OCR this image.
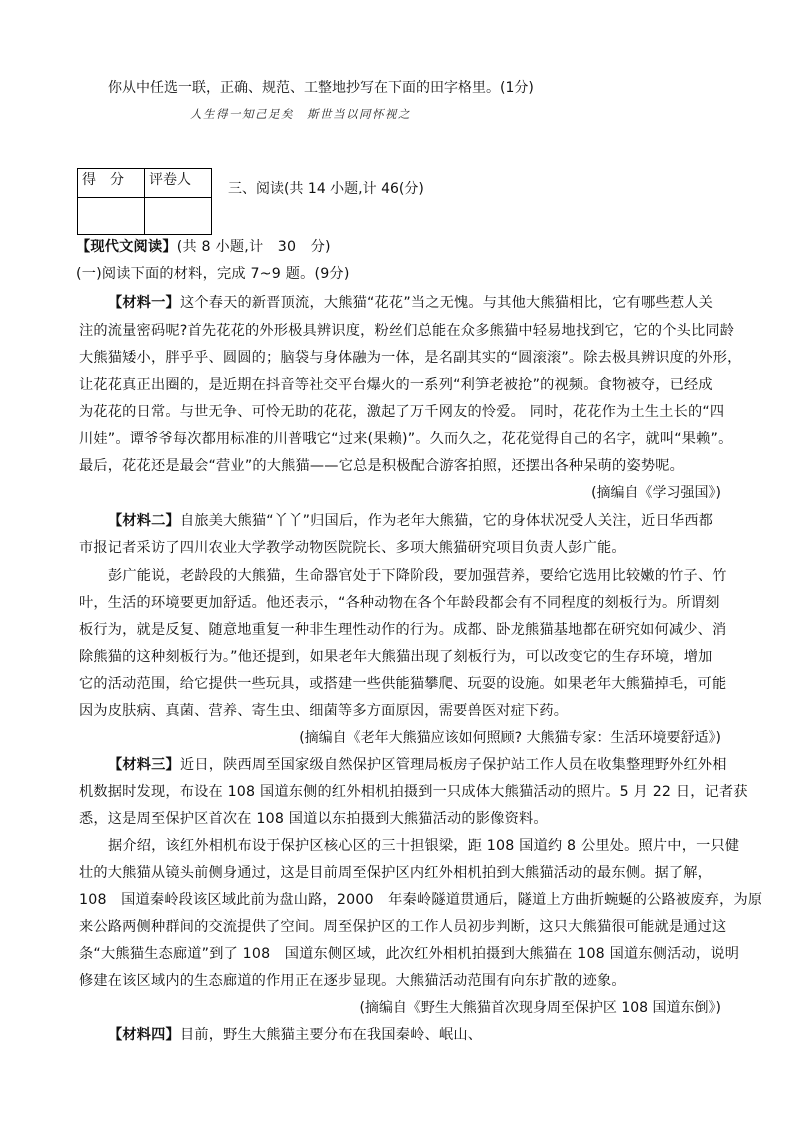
你从中任选一联，正确、规范、工整地抄写在下面的田字格里。(1分)
人生得一知己足矣　斯世当以同怀视之
得　分	评卷人

三、阅读(共 14 小题,计 46(分)
【现代文阅读】(共 8 小题,计　30　分)
(一)阅读下面的材料，完成 7~9 题。(9分)
【材料一】这个春天的新晋顶流，大熊猫“花花”当之无愧。与其他大熊猫相比，它有哪些惹人关
注的流量密码呢?首先花花的外形极具辨识度，粉丝们总能在众多熊猫中轻易地找到它，它的个头比同龄
大熊猫矮小，胖乎乎、圆圆的；脑袋与身体融为一体，是名副其实的“圆滚滚”。除去极具辨识度的外形，
让花花真正出圈的，是近期在抖音等社交平台爆火的一系列“利笋老被抢”的视频。食物被夺，已经成
为花花的日常。与世无争、可怜无助的花花，激起了万千网友的怜爱。 同时，花花作为土生土长的“四
川娃”。谭爷爷每次都用标准的川普哦它“过来(果赖)”。久而久之，花花觉得自己的名字，就叫“果赖”。
最后，花花还是最会“营业”的大熊猫——它总是积极配合游客拍照，还摆出各种呆萌的姿势呢。
(摘编自《学习强国》)
【材料二】自旅美大熊猫“丫丫”归国后，作为老年大熊猫，它的身体状况受人关注，近日华西都
市报记者采访了四川农业大学教学动物医院院长、多项大熊猫研究项目负责人彭广能。
彭广能说，老龄段的大熊猫，生命器官处于下降阶段，要加强营养，要给它选用比较嫩的竹子、竹
叶，生活的环境要更加舒适。他还表示，“各种动物在各个年龄段都会有不同程度的刻板行为。所谓刻
板行为，就是反复、随意地重复一种非生理性动作的行为。成都、卧龙熊猫基地都在研究如何减少、消
除熊猫的这种刻板行为。”他还提到，如果老年大熊猫出现了刻板行为，可以改变它的生存环境，增加
它的活动范围，给它提供一些玩具，或搭建一些供能猫攀爬、玩耍的设施。如果老年大熊猫掉毛，可能
因为皮肤病、真菌、营养、寄生虫、细菌等多方面原因，需要兽医对症下药。
(摘编自《老年大熊猫应该如何照顾? 大熊猫专家：生活环境要舒适》)
【材料三】近日，陕西周至国家级自然保护区管理局板房子保护站工作人员在收集整理野外红外相
机数据时发现，布设在 108 国道东侧的红外相机拍摄到一只成体大熊猫活动的照片。5 月 22 日，记者获
悉，这是周至保护区首次在 108 国道以东拍摄到大熊猫活动的影像资料。
据介绍，该红外相机布设于保护区核心区的三十担银梁，距 108 国道约 8 公里处。照片中，一只健
壮的大熊猫从镜头前侧身通过，这是目前周至保护区内红外相机拍到大熊猫活动的最东侧。据了解，
108　国道秦岭段该区域此前为盘山路，2000　年秦岭隧道贯通后，隧道上方曲折蜿蜒的公路被废弃，为原
来公路两侧种群间的交流提供了空间。周至保护区的工作人员初步判断，这只大熊猫很可能就是通过这
条“大熊猫生态廊道”到了 108　国道东侧区域，此次红外相机拍摄到大熊猫在 108 国道东侧活动，说明
修建在该区域内的生态廊道的作用正在逐步显现。大熊猫活动范围有向东扩散的迹象。
(摘编自《野生大熊猫首次现身周至保护区 108 国道东倒》)
【材料四】目前，野生大熊猫主要分布在我国秦岭、岷山、
